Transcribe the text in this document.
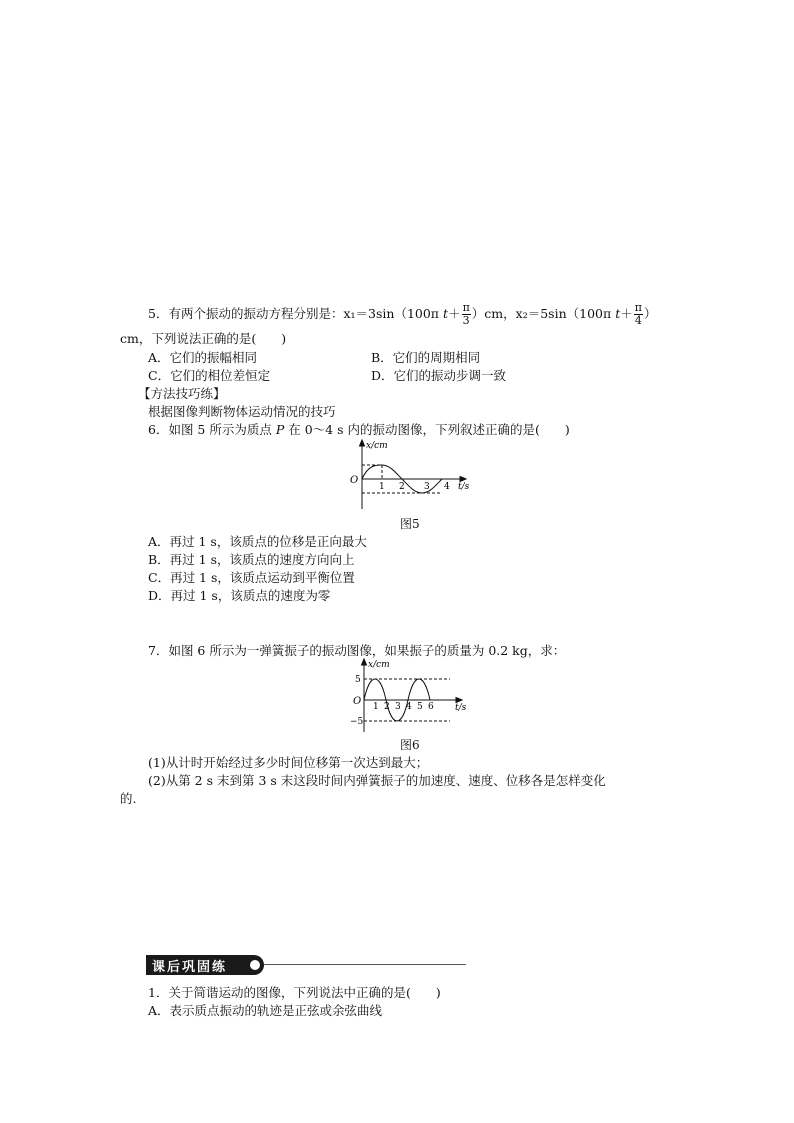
5．有两个振动的振动方程分别是：x₁＝3sin（100π $t+ \frac{\pi}{3} )cm$，x₂＝5sin（100π $t+ \frac{\pi}{4}$ ）
cm，下列说法正确的是(　　)
A．它们的振幅相同	B．它们的周期相同
C．它们的相位差恒定	D．它们的振动步调一致
【方法技巧练】
根据图像判断物体运动情况的技巧
6．如图 5 所示为质点 P 在 0～4 s 内的振动图像，下列叙述正确的是(　　)
x/cm
O
t/s
1 2 3 4
图5
A．再过 1 s，该质点的位移是正向最大
B．再过 1 s，该质点的速度方向向上
C．再过 1 s，该质点运动到平衡位置
D．再过 1 s，该质点的速度为零
7．如图 6 所示为一弹簧振子的振动图像，如果振子的质量为 0.2 kg，求：
x/cm
5
−5
O
t/s
1 2 3 4 5 6
图6
(1)从计时开始经过多少时间位移第一次达到最大；
(2)从第 2 s 末到第 3 s 末这段时间内弹簧振子的加速度、速度、位移各是怎样变化
的.
课后巩固练
1．关于简谐运动的图像，下列说法中正确的是(　　)
A．表示质点振动的轨迹是正弦或余弦曲线
